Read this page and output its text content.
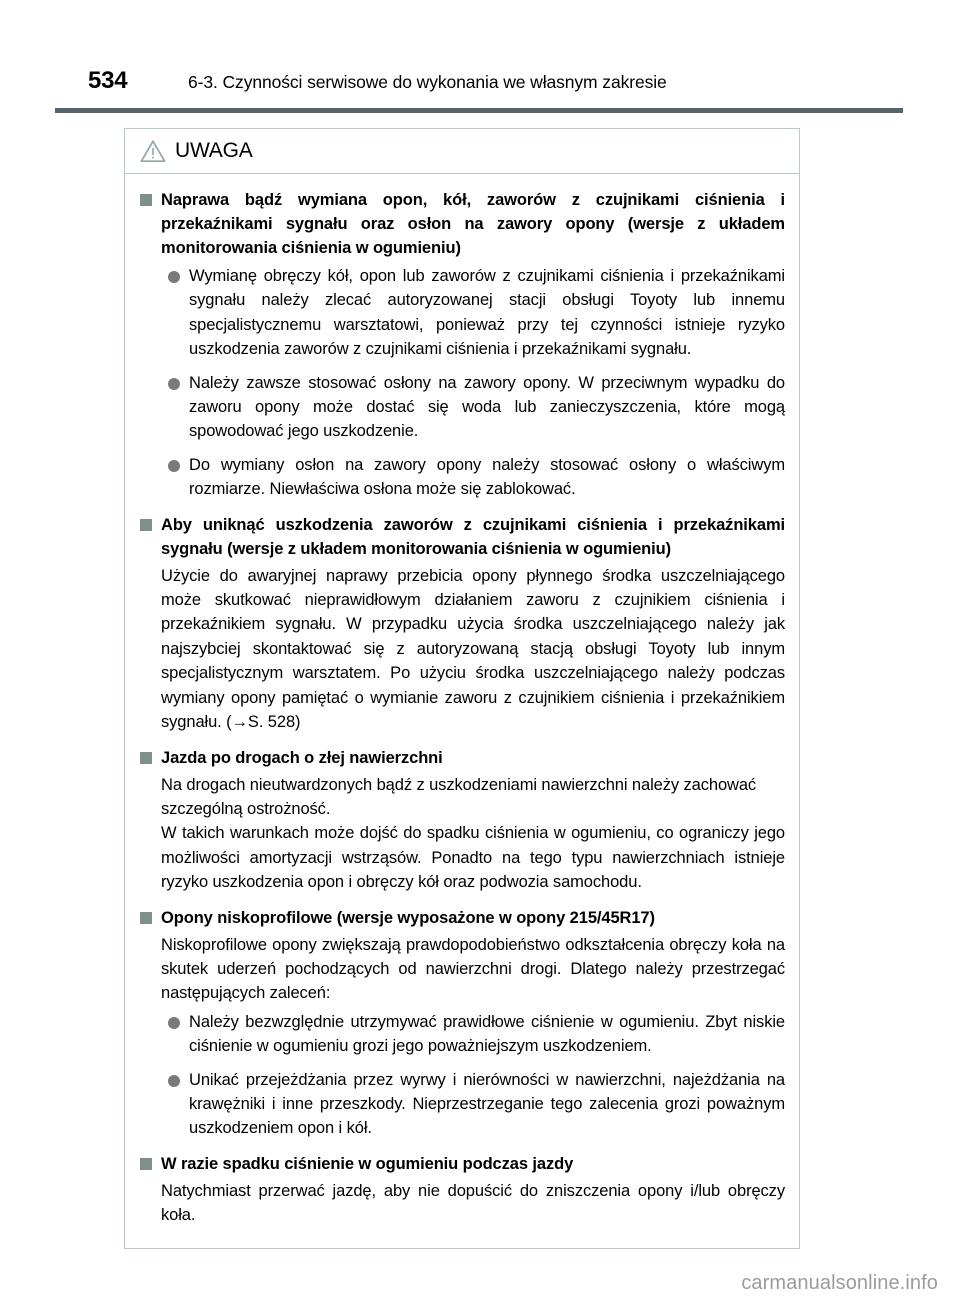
534	6-3. Czynności serwisowe do wykonania we własnym zakresie
UWAGA
Naprawa bądź wymiana opon, kół, zaworów z czujnikami ciśnienia i przekaźnikami sygnału oraz osłon na zawory opony (wersje z układem monitorowania ciśnienia w ogumieniu)
Wymianę obręczy kół, opon lub zaworów z czujnikami ciśnienia i przekaźnikami sygnału należy zlecać autoryzowanej stacji obsługi Toyoty lub innemu specjalistycznemu warsztatowi, ponieważ przy tej czynności istnieje ryzyko uszkodzenia zaworów z czujnikami ciśnienia i przekaźnikami sygnału.
Należy zawsze stosować osłony na zawory opony. W przeciwnym wypadku do zaworu opony może dostać się woda lub zanieczyszczenia, które mogą spowodować jego uszkodzenie.
Do wymiany osłon na zawory opony należy stosować osłony o właściwym rozmiarze. Niewłaściwa osłona może się zablokować.
Aby uniknąć uszkodzenia zaworów z czujnikami ciśnienia i przekaźnikami sygnału (wersje z układem monitorowania ciśnienia w ogumieniu)
Użycie do awaryjnej naprawy przebicia opony płynnego środka uszczelniającego może skutkować nieprawidłowym działaniem zaworu z czujnikiem ciśnienia i przekaźnikiem sygnału. W przypadku użycia środka uszczelniającego należy jak najszybciej skontaktować się z autoryzowaną stacją obsługi Toyoty lub innym specjalistycznym warsztatem. Po użyciu środka uszczelniającego należy podczas wymiany opony pamiętać o wymianie zaworu z czujnikiem ciśnienia i przekaźnikiem sygnału. (→S. 528)
Jazda po drogach o złej nawierzchni
Na drogach nieutwardzonych bądź z uszkodzeniami nawierzchni należy zachować szczególną ostrożność.
W takich warunkach może dojść do spadku ciśnienia w ogumieniu, co ograniczy jego możliwości amortyzacji wstrząsów. Ponadto na tego typu nawierzchniach istnieje ryzyko uszkodzenia opon i obręczy kół oraz podwozia samochodu.
Opony niskoprofilowe (wersje wyposażone w opony 215/45R17)
Niskoprofilowe opony zwiększają prawdopodobieństwo odkształcenia obręczy koła na skutek uderzeń pochodzących od nawierzchni drogi. Dlatego należy przestrzegać następujących zaleceń:
Należy bezwzględnie utrzymywać prawidłowe ciśnienie w ogumieniu. Zbyt niskie ciśnienie w ogumieniu grozi jego poważniejszym uszkodzeniem.
Unikać przejeżdżania przez wyrwy i nierówności w nawierzchni, najeżdżania na krawężniki i inne przeszkody. Nieprzestrzeganie tego zalecenia grozi poważnym uszkodzeniem opon i kół.
W razie spadku ciśnienie w ogumieniu podczas jazdy
Natychmiast przerwać jazdę, aby nie dopuścić do zniszczenia opony i/lub obręczy koła.
carmanualsonline.info
